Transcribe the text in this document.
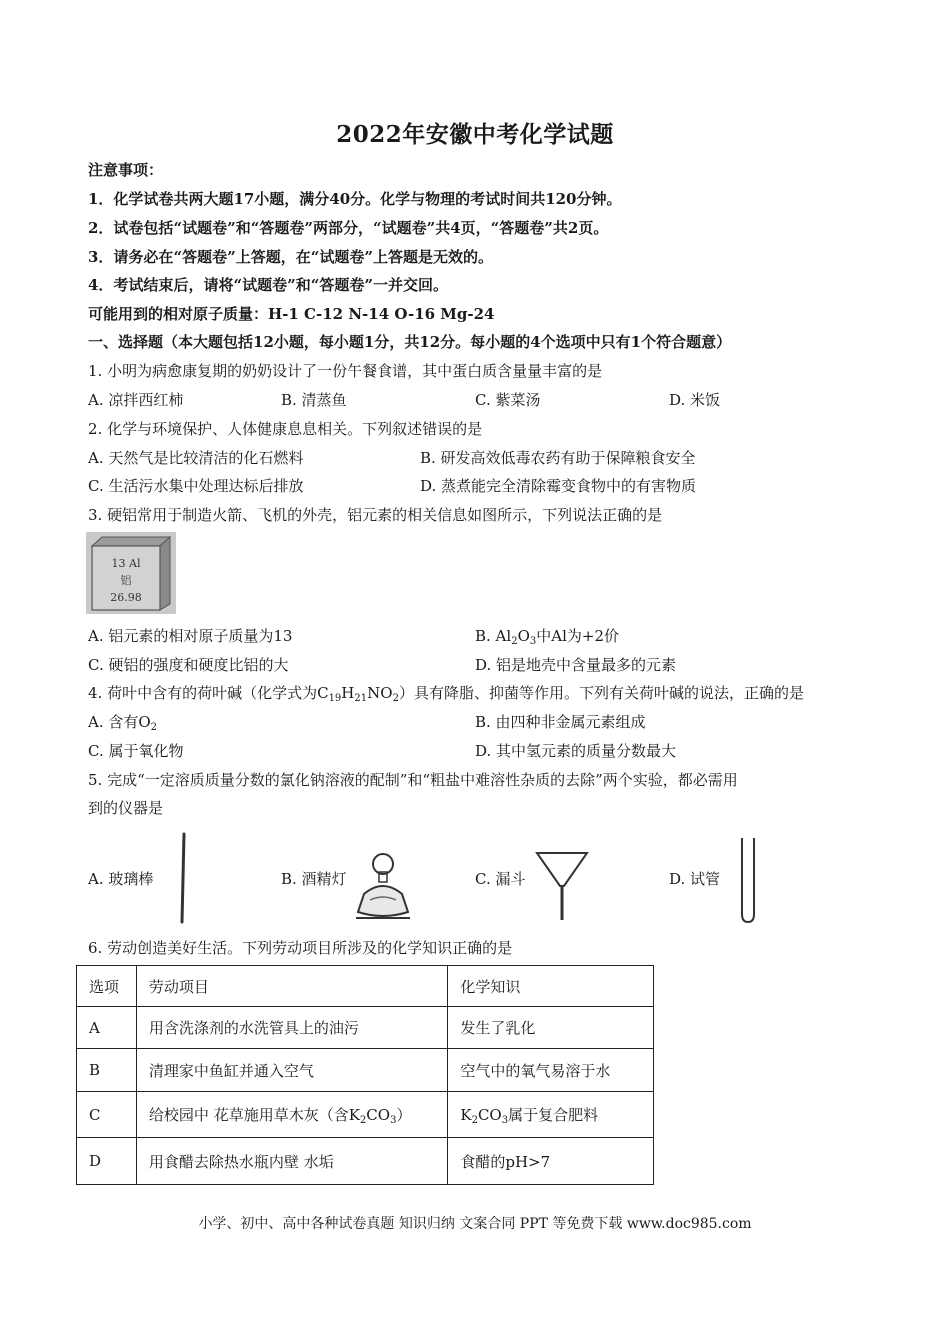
2022年安徽中考化学试题
注意事项：
1．化学试卷共两大题17小题，满分40分。化学与物理的考试时间共120分钟。
2．试卷包括“试题卷”和“答题卷”两部分，“试题卷”共4页，“答题卷”共2页。
3．请务必在“答题卷”上答题，在“试题卷”上答题是无效的。
4．考试结束后，请将“试题卷”和“答题卷”一并交回。
可能用到的相对原子质量：H-1 C-12 N-14 O-16 Mg-24
一、选择题（本大题包括12小题，每小题1分，共12分。每小题的4个选项中只有1个符合题意）
1. 小明为病愈康复期的奶奶设计了一份午餐食谱，其中蛋白质含量量丰富的是
A. 凉拌西红柿	B. 清蒸鱼	C. 紫菜汤	D. 米饭
2. 化学与环境保护、人体健康息息相关。下列叙述错误的是
A. 天然气是比较清洁的化石燃料	B. 研发高效低毒农药有助于保障粮食安全
C. 生活污水集中处理达标后排放	D. 蒸煮能完全清除霉变食物中的有害物质
3. 硬铝常用于制造火箭、飞机的外壳，铝元素的相关信息如图所示，下列说法正确的是
13 Al
铝
26.98
A. 铝元素的相对原子质量为13	B. $Al_2O_3$中Al为+2价
C. 硬铝的强度和硬度比铝的大	D. 铝是地壳中含量最多的元素
4. 荷叶中含有的荷叶碱（化学式为$C_{19}H_{21}NO_2$）具有降脂、抑菌等作用。下列有关荷叶碱的说法，正确的是
A. 含有$O_2$	B. 由四种非金属元素组成
C. 属于氧化物	D. 其中氢元素的质量分数最大
5. 完成“一定溶质质量分数的氯化钠溶液的配制”和“粗盐中难溶性杂质的去除”两个实验，都必需用
到的仪器是
A. 玻璃棒	B. 酒精灯	C. 漏斗	D. 试管
6. 劳动创造美好生活。下列劳动项目所涉及的化学知识正确的是
选项	劳动项目	化学知识
A	用含洗涤剂的水洗管具上的油污	发生了乳化
B	清理家中鱼缸并通入空气	空气中的氧气易溶于水
C	给校园中 花草施用草木灰（含$K_2CO_3$）	$K_2CO_3$属于复合肥料
D	用食醋去除热水瓶内壁 水垢	食醋的pH>7
小学、初中、高中各种试卷真题 知识归纳 文案合同 PPT 等免费下载 www.doc985.com
